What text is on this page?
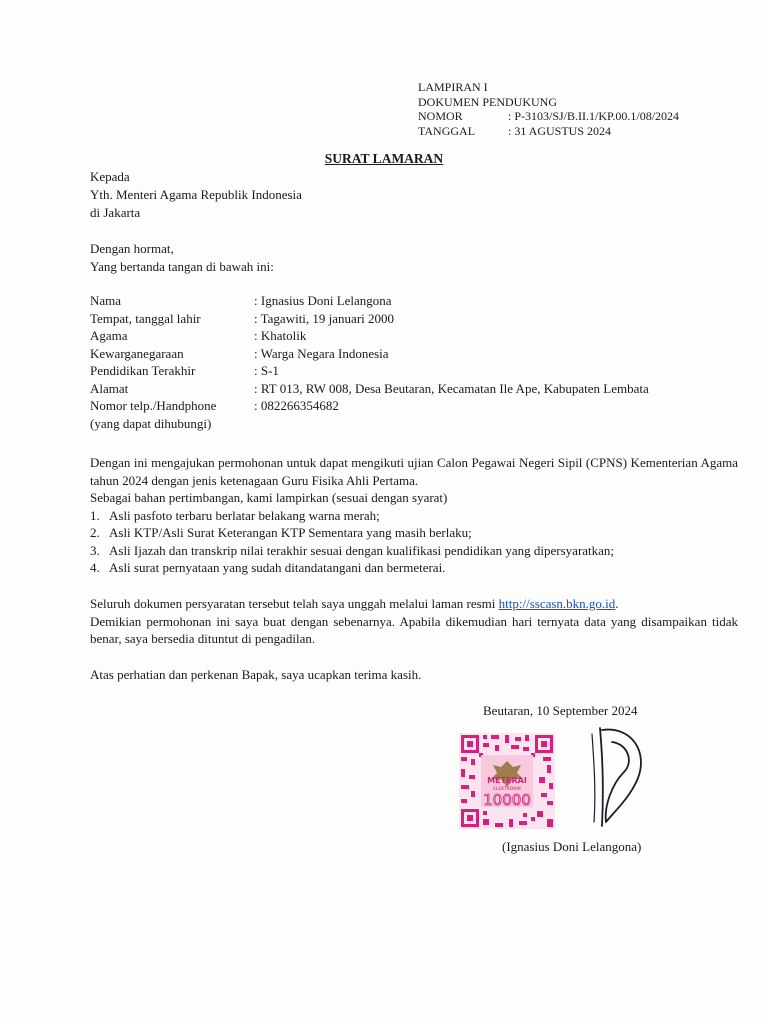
LAMPIRAN I
DOKUMEN PENDUKUNG
NOMOR	: P-3103/SJ/B.II.1/KP.00.1/08/2024
TANGGAL	: 31 AGUSTUS 2024
SURAT LAMARAN
Kepada
Yth. Menteri Agama Republik Indonesia
di Jakarta
Dengan hormat,
Yang bertanda tangan di bawah ini:
Nama	: Ignasius Doni Lelangona
Tempat, tanggal lahir	: Tagawiti, 19 januari 2000
Agama	: Khatolik
Kewarganegaraan	: Warga Negara Indonesia
Pendidikan Terakhir	: S-1
Alamat	: RT 013, RW 008, Desa Beutaran, Kecamatan Ile Ape, Kabupaten Lembata
Nomor telp./Handphone	: 082266354682
(yang dapat dihubungi)

Dengan ini mengajukan permohonan untuk dapat mengikuti ujian Calon Pegawai Negeri Sipil (CPNS) Kementerian Agama tahun 2024 dengan jenis ketenagaan Guru Fisika Ahli Pertama.

Sebagai bahan pertimbangan, kami lampirkan (sesuai dengan syarat)

1. Asli pasfoto terbaru berlatar belakang warna merah;
2. Asli KTP/Asli Surat Keterangan KTP Sementara yang masih berlaku;
3. Asli Ijazah dan transkrip nilai terakhir sesuai dengan kualifikasi pendidikan yang dipersyaratkan;
4. Asli surat pernyataan yang sudah ditandatangani dan bermeterai.

Seluruh dokumen persyaratan tersebut telah saya unggah melalui laman resmi http://sscasn.bkn.go.id.

Demikian permohonan ini saya buat dengan sebenarnya. Apabila dikemudian hari ternyata data yang disampaikan tidak benar, saya bersedia dituntut di pengadilan.

Atas perhatian dan perkenan Bapak, saya ucapkan terima kasih.
Beutaran, 10 September 2024
METERAI
ELEKTRONIK
10000
(Ignasius Doni Lelangona)
